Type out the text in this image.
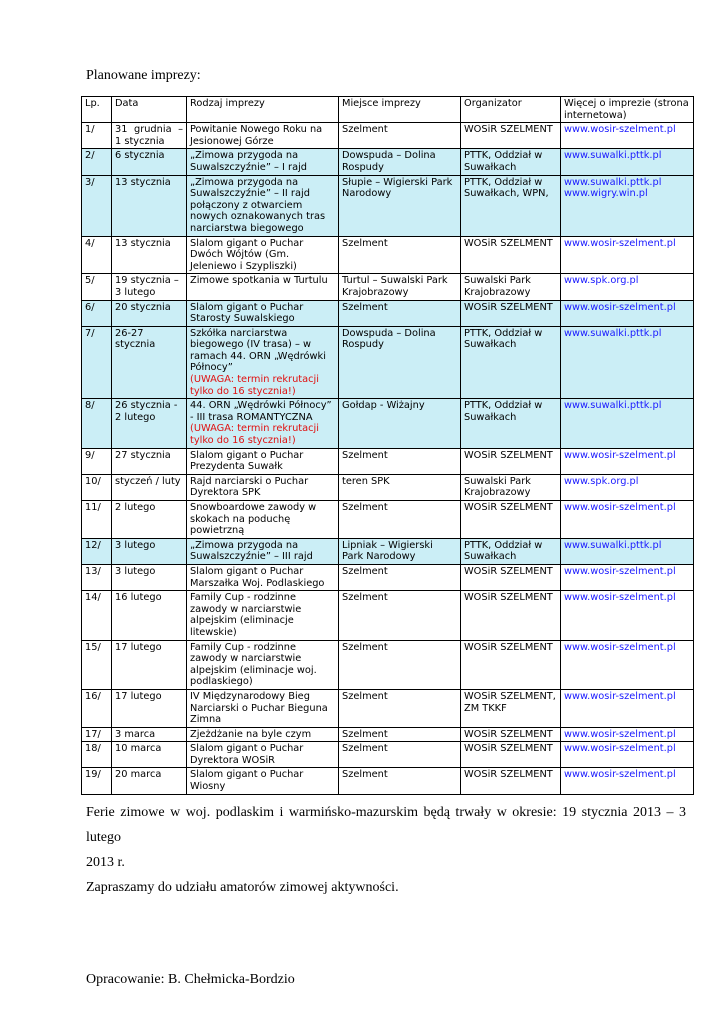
Planowane imprezy:
Lp.	Data	Rodzaj imprezy	Miejsce imprezy	Organizator	Więcej o imprezie (strona internetowa)
1/	31 grudnia – 1 stycznia	Powitanie Nowego Roku na Jesionowej Górze	Szelment	WOSiR SZELMENT	www.wosir-szelment.pl

2/	6 stycznia	„Zimowa przygoda na Suwalszczyźnie” – I rajd	Dowspuda – Dolina Rospudy	PTTK, Oddział w Suwałkach	www.suwalki.pttk.pl

3/	13 stycznia	„Zimowa przygoda na Suwalszczyźnie” – II rajd połączony z otwarciem nowych oznakowanych tras narciarstwa biegowego	Słupie – Wigierski Park Narodowy	PTTK, Oddział w Suwałkach, WPN,	www.suwalki.pttk.pl
www.wigry.win.pl

4/	13 stycznia	Slalom gigant o Puchar Dwóch Wójtów (Gm. Jeleniewo i Szypliszki)	Szelment	WOSiR SZELMENT	www.wosir-szelment.pl

5/	19 stycznia – 3 lutego	Zimowe spotkania w Turtulu	Turtul – Suwalski Park Krajobrazowy	Suwalski Park Krajobrazowy	www.spk.org.pl

6/	20 stycznia	Slalom gigant o Puchar Starosty Suwalskiego	Szelment	WOSiR SZELMENT	www.wosir-szelment.pl

7/	26-27 stycznia	Szkółka narciarstwa biegowego (IV trasa) – w ramach 44. ORN „Wędrówki Północy”
(UWAGA: termin rekrutacji tylko do 16 stycznia!)	Dowspuda – Dolina Rospudy	PTTK, Oddział w Suwałkach	www.suwalki.pttk.pl

8/	26 stycznia - 2 lutego	44. ORN „Wędrówki Północy” - III trasa ROMANTYCZNA
(UWAGA: termin rekrutacji tylko do 16 stycznia!)	Gołdap - Wiżajny	PTTK, Oddział w Suwałkach	www.suwalki.pttk.pl

9/	27 stycznia	Slalom gigant o Puchar Prezydenta Suwałk	Szelment	WOSiR SZELMENT	www.wosir-szelment.pl

10/	styczeń / luty	Rajd narciarski o Puchar Dyrektora SPK	teren SPK	Suwalski Park Krajobrazowy	www.spk.org.pl

11/	2 lutego	Snowboardowe zawody w skokach na poduchę powietrzną	Szelment	WOSiR SZELMENT	www.wosir-szelment.pl

12/	3 lutego	„Zimowa przygoda na Suwalszczyźnie” – III rajd	Lipniak – Wigierski Park Narodowy	PTTK, Oddział w Suwałkach	www.suwalki.pttk.pl

13/	3 lutego	Slalom gigant o Puchar Marszałka Woj. Podlaskiego	Szelment	WOSiR SZELMENT	www.wosir-szelment.pl

14/	16 lutego	Family Cup - rodzinne zawody w narciarstwie alpejskim (eliminacje litewskie)	Szelment	WOSiR SZELMENT	www.wosir-szelment.pl

15/	17 lutego	Family Cup - rodzinne zawody w narciarstwie alpejskim (eliminacje woj. podlaskiego)	Szelment	WOSiR SZELMENT	www.wosir-szelment.pl

16/	17 lutego	IV Międzynarodowy Bieg Narciarski o Puchar Bieguna Zimna	Szelment	WOSiR SZELMENT, ZM TKKF	www.wosir-szelment.pl

17/	3 marca	Zjeżdżanie na byle czym	Szelment	WOSiR SZELMENT	www.wosir-szelment.pl

18/	10 marca	Slalom gigant o Puchar Dyrektora WOSiR	Szelment	WOSiR SZELMENT	www.wosir-szelment.pl

19/	20 marca	Slalom gigant o Puchar Wiosny	Szelment	WOSiR SZELMENT	www.wosir-szelment.pl

Ferie zimowe w woj. podlaskim i warmińsko-mazurskim będą trwały w okresie: 19 stycznia 2013 – 3 lutego

2013 r.

Zapraszamy do udziału amatorów zimowej aktywności.

Opracowanie: B. Chełmicka-Bordzio
